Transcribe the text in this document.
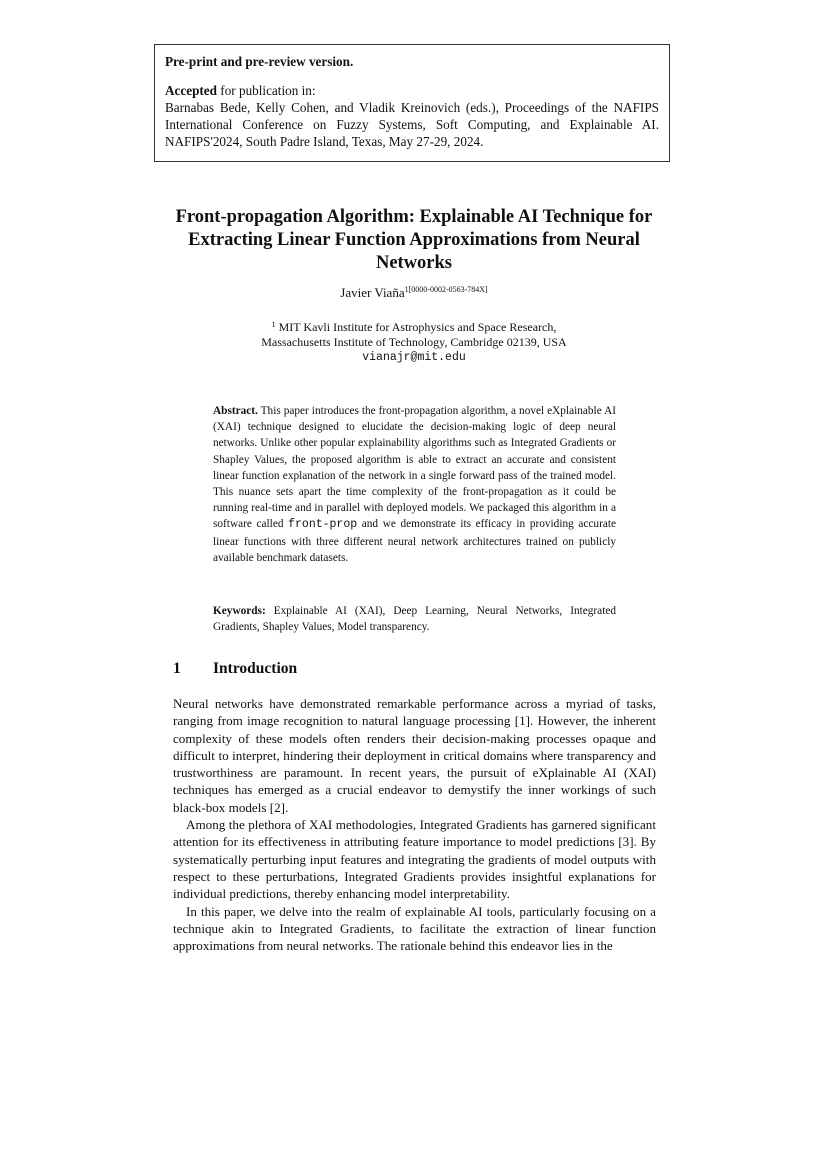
Pre-print and pre-review version.

Accepted for publication in:

Barnabas Bede, Kelly Cohen, and Vladik Kreinovich (eds.), Proceedings of the NAFIPS International Conference on Fuzzy Systems, Soft Computing, and Explainable AI. NAFIPS'2024, South Padre Island, Texas, May 27-29, 2024.

Front-propagation Algorithm: Explainable AI Technique for Extracting Linear Function Approximations from Neural Networks
Javier Viaña$^{1[0000-0002-0563-784X]}$
$^1$ MIT Kavli Institute for Astrophysics and Space Research,
Massachusetts Institute of Technology, Cambridge 02139, USA
vianajr@mit.edu

Abstract. This paper introduces the front-propagation algorithm, a novel eXplainable AI (XAI) technique designed to elucidate the decision-making logic of deep neural networks. Unlike other popular explainability algorithms such as Integrated Gradients or Shapley Values, the proposed algorithm is able to extract an accurate and consistent linear function explanation of the network in a single forward pass of the trained model. This nuance sets apart the time complexity of the front-propagation as it could be running real-time and in parallel with deployed models. We packaged this algorithm in a software called front-prop and we demonstrate its efficacy in providing accurate linear functions with three different neural network architectures trained on publicly available benchmark datasets.

Keywords: Explainable AI (XAI), Deep Learning, Neural Networks, Integrated Gradients, Shapley Values, Model transparency.

1 Introduction

Neural networks have demonstrated remarkable performance across a myriad of tasks, ranging from image recognition to natural language processing [1]. However, the inherent complexity of these models often renders their decision-making processes opaque and difficult to interpret, hindering their deployment in critical domains where transparency and trustworthiness are paramount. In recent years, the pursuit of eXplainable AI (XAI) techniques has emerged as a crucial endeavor to demystify the inner workings of such black-box models [2].

Among the plethora of XAI methodologies, Integrated Gradients has garnered significant attention for its effectiveness in attributing feature importance to model predictions [3]. By systematically perturbing input features and integrating the gradients of model outputs with respect to these perturbations, Integrated Gradients provides insightful explanations for individual predictions, thereby enhancing model interpretability.

In this paper, we delve into the realm of explainable AI tools, particularly focusing on a technique akin to Integrated Gradients, to facilitate the extraction of linear function approximations from neural networks. The rationale behind this endeavor lies in the
